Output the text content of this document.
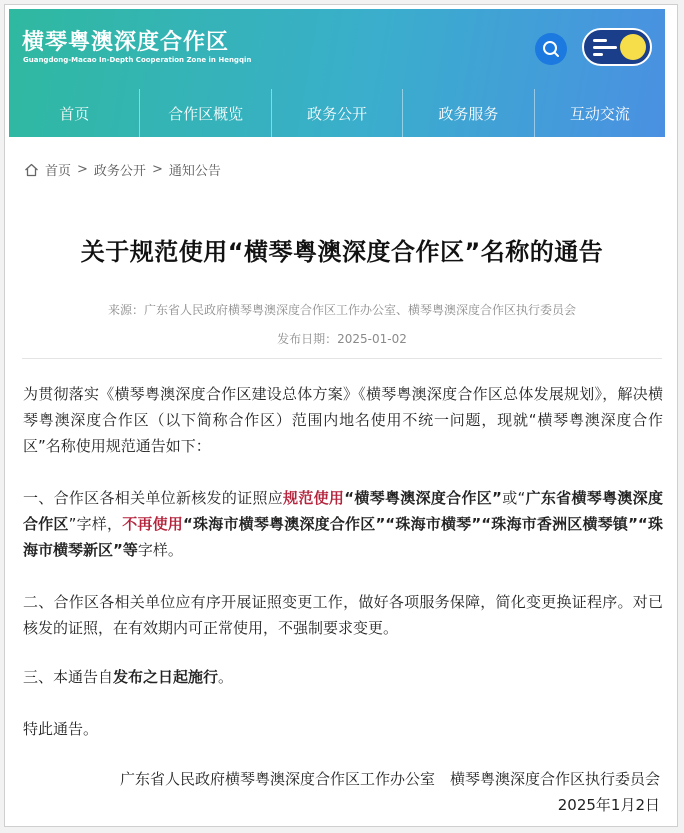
横琴粤澳深度合作区
Guangdong-Macao In-Depth Cooperation Zone in Hengqin
首页	合作区概览	政务公开	政务服务	互动交流
首页 > 政务公开 > 通知公告
关于规范使用“横琴粤澳深度合作区”名称的通告
来源：广东省人民政府横琴粤澳深度合作区工作办公室、横琴粤澳深度合作区执行委员会
发布日期：2025-01-02
为贯彻落实《横琴粤澳深度合作区建设总体方案》《横琴粤澳深度合作区总体发展规划》，解决横琴粤澳深度合作区（以下简称合作区）范围内地名使用不统一问题，现就“横琴粤澳深度合作区”名称使用规范通告如下：
一、合作区各相关单位新核发的证照应规范使用“横琴粤澳深度合作区”或“广东省横琴粤澳深度合作区”字样，不再使用“珠海市横琴粤澳深度合作区”“珠海市横琴”“珠海市香洲区横琴镇”“珠海市横琴新区”等字样。
二、合作区各相关单位应有序开展证照变更工作，做好各项服务保障，简化变更换证程序。对已核发的证照，在有效期内可正常使用，不强制要求变更。
三、本通告自发布之日起施行。
特此通告。
广东省人民政府横琴粤澳深度合作区工作办公室　横琴粤澳深度合作区执行委员会
2025年1月2日
